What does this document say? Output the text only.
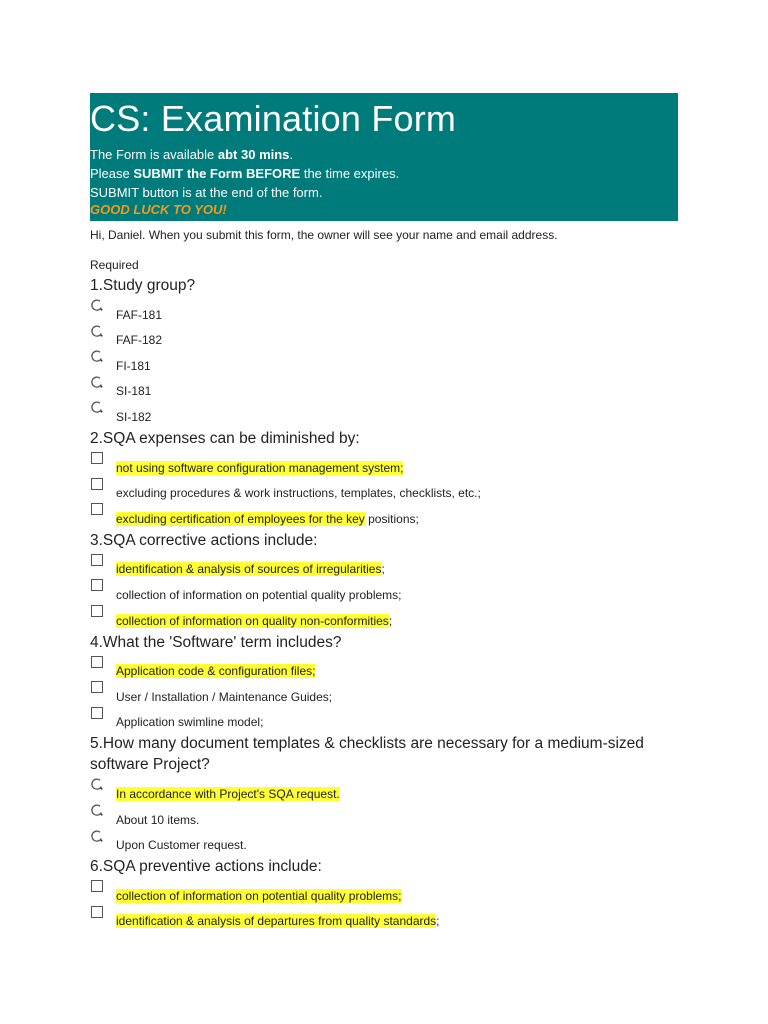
CS: Examination Form
The Form is available abt 30 mins.
Please SUBMIT the Form BEFORE the time expires.
SUBMIT button is at the end of the form.
GOOD LUCK TO YOU!
Hi, Daniel. When you submit this form, the owner will see your name and email address.
Required
1.Study group?
FAF-181
FAF-182
FI-181
SI-181
SI-182
2.SQA expenses can be diminished by:
not using software configuration management system;
excluding procedures & work instructions, templates, checklists, etc.;
excluding certification of employees for the key positions;
3.SQA corrective actions include:
identification & analysis of sources of irregularities;
collection of information on potential quality problems;
collection of information on quality non-conformities;
4.What the 'Software' term includes?
Application code & configuration files;
User / Installation / Maintenance Guides;
Application swimline model;
5.How many document templates & checklists are necessary for a medium-sized software Project?
In accordance with Project's SQA request.
About 10 items.
Upon Customer request.
6.SQA preventive actions include:
collection of information on potential quality problems;
identification & analysis of departures from quality standards;
